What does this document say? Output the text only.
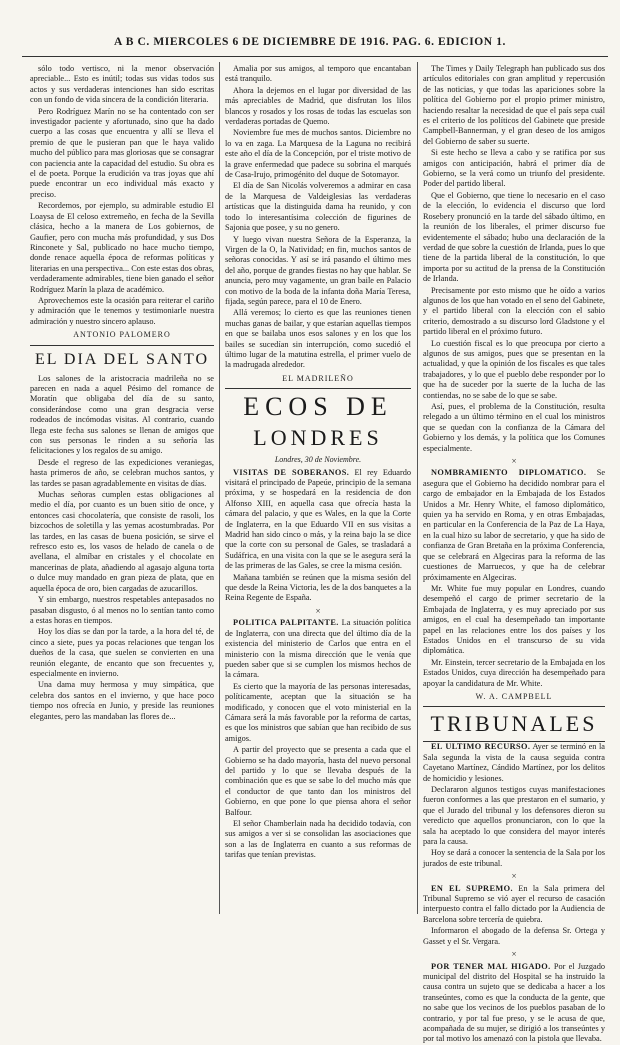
A B C. MIERCOLES 6 DE DICIEMBRE DE 1916. PAG. 6. EDICION 1.

sólo todo vertisco, ni la menor observación apreciable... Esto es inútil; todas sus vidas todos sus actos y sus verdaderas intenciones han sido escritas con un fondo de vida sincera de la condición literaria.

Pero Rodríguez Marín no se ha contentado con ser investigador paciente y afortunado, sino que ha dado cuerpo a las cosas que encuentra y allí se lleva el premio de que le pusieran pan que le haya valido mucho del público para mas gloriosas que se consagrar con paciencia ante la capacidad del estudio. Su obra es el de poeta. Porque la erudición va tras joyas que ahí puede encontrar un eco individual más exacto y preciso.

Recordemos, por ejemplo, su admirable estudio El Loaysa de El celoso extremeño, en fecha de la Sevilla clásica, hecho a la manera de Los gobiernos, de Gaufier, pero con mucha más profundidad, y sus Dos Rinconete y Sal, publicado no hace mucho tiempo, donde renace aquella época de reformas políticas y literarias en una perspectiva... Con este estas dos obras, verdaderamente admirables, tiene bien ganado el señor Rodríguez Marín la plaza de académico.

Aprovechemos este la ocasión para reiterar el cariño y admiración que le tenemos y testimoniarle nuestra admiración y nuestro sincero aplauso.

ANTONIO PALOMERO
EL DIA DEL SANTO

Los salones de la aristocracia madrileña no se parecen en nada a aquel Pésimo del romance de Moratín que obligaba del día de su santo, considerándose como una gran desgracia verse rodeados de incómodas visitas. Al contrario, cuando llega este fecha sus salones se llenan de amigos que con sus personas le rinden a su señoría las felicitaciones y los regalos de su amigo.

Desde el regreso de las expediciones veraniegas, hasta primeros de año, se celebran muchos santos, y las tardes se pasan agradablemente en visitas de días.

Muchas señoras cumplen estas obligaciones al medio el día, por cuanto es un buen sitio de once, y entonces casi chocolatería, que consiste de rasoli, los bizcochos de soletilla y las yemas acostumbradas. Por las tardes, en las casas de buena posición, se sirve el refresco esto es, los vasos de helado de canela o de avellana, el almíbar en cristales y el chocolate en mancerinas de plata, añadiendo al agasajo alguna torta o dulce muy mandado en gran pieza de plata, que en aquella época de oro, bien cargadas de azucarillos.

Y sin embargo, nuestros respetables antepasados no pasaban disgusto, ó al menos no lo sentían tanto como a estas horas en tiempos.

Hoy los días se dan por la tarde, a la hora del té, de cinco a siete, pues ya pocas relaciones que tengan los dueños de la casa, que suelen se convierten en una reunión elegante, de encanto que son frecuentes y, especialmente en invierno.

Una dama muy hermosa y muy simpática, que celebra dos santos en el invierno, y que hace poco tiempo nos ofrecía en Junio, y preside las reuniones elegantes, pero las mandaban las flores de...

Amalia por sus amigos, al temporo que encantaban está tranquilo.

Ahora la dejemos en el lugar por diversidad de las más apreciables de Madrid, que disfrutan los lilos blancos y rosados y los rosas de todas las escuelas son verdaderas portadas de Quemo.

Noviembre fue mes de muchos santos. Diciembre no lo va en zaga. La Marquesa de la Laguna no recibirá este año el día de la Concepción, por el triste motivo de la grave enfermedad que padece su sobrina el marqués de Casa-Irujo, primogénito del duque de Sotomayor.

El día de San Nicolás volveremos a admirar en casa de la Marquesa de Valdeiglesias las verdaderas artísticas que la distinguida dama ha reunido, y con todo lo interesantísima colección de figurines de Sajonia que posee, y su no genero.

Y luego vivan nuestra Señora de la Esperanza, la Virgen de la O, la Natividad; en fin, muchos santos de señoras conocidas. Y así se irá pasando el último mes del año, porque de grandes fiestas no hay que hablar. Se anuncia, pero muy vagamente, un gran baile en Palacio con motivo de la boda de la infanta doña María Teresa, fijada, según parece, para el 10 de Enero.

Allá veremos; lo cierto es que las reuniones tienen muchas ganas de bailar, y que estarían aquellas tiempos en que se bailaba unos esos salones y en los que los bailes se sucedían sin interrupción, como sucedió el último lugar de la matutina estrella, el primer vuelo de la madrugada alrededor.

EL MADRILEÑO
ECOS DE
LONDRES
Londres, 30 de Noviembre.

VISITAS DE SOBERANOS. El rey Eduardo visitará el principado de Papeúe, principio de la semana próxima, y se hospedará en la residencia de don Alfonso XIII, en aquella casa que ofrecía hasta la cámara del palacio, y que es Wales, en la que la Corte de Inglaterra, en la que Eduardo VII en sus visitas a Madrid han sido cinco o más, y la reina bajo la se dice que la corte con su personal de Gales, se trasladará a Sudáfrica, en una visita con la que se le asegura será la de las primeras de las Gales, se cree la misma cesión.

Mañana también se reúnen que la misma sesión del que desde la Reina Victoria, les de la dos banquetes a la Reina Regente de España.

×

POLITICA PALPITANTE. La situación política de Inglaterra, con una directa que del último día de la existencia del ministerio de Carlos que entra en el ministerio con la misma dirección que le venía que pueden saber que si se cumplen los mismos hechos de la cámara.

Es cierto que la mayoría de las personas interesadas, políticamente, aceptan que la situación se ha modificado, y conocen que el voto ministerial en la Cámara será la más favorable por la reforma de cartas, es que los ministros que sabían que han recibido de sus amigos.

A partir del proyecto que se presenta a cada que el Gobierno se ha dado mayoría, hasta del nuevo personal del partido y lo que se llevaba después de la combinación que es que se sabe lo del mucho más que el conductor de que tanto dan los ministros del Gobierno, en que pone lo que piensa ahora el señor Balfour.

El señor Chamberlain nada ha decidido todavía, con sus amigos a ver si se consolidan las asociaciones que son a las de Inglaterra en cuanto a sus reformas de tarifas que tenían previstas.

The Times y Daily Telegraph han publicado sus dos artículos editoriales con gran amplitud y repercusión de las noticias, y que todas las apariciones sobre la política del Gobierno por el propio primer ministro, haciendo resaltar la necesidad de que el país sepa cuál es el criterio de los políticos del Gabinete que preside Campbell-Bannerman, y el gran deseo de los amigos del Gobierno de saber su suerte.

Si este hecho se lleva a cabo y se ratifica por sus amigos con anticipación, habrá el primer día de Gobierno, se la verá como un triunfo del presidente. Poder del partido liberal.

Que el Gobierno, que tiene lo necesario en el caso de la elección, lo evidencia el discurso que lord Rosebery pronunció en la tarde del sábado último, en la reunión de los liberales, el primer discurso fue evidentemente el sábado; hubo una declaración de la verdad de que sobre la cuestión de Irlanda, pues lo que tiene de la partida liberal de la constitución, lo que importa por su actitud de la prensa de la Constitución de Irlanda.

Precisamente por esto mismo que he oído a varios algunos de los que han votado en el seno del Gabinete, y el partido liberal con la elección con el sabio criterio, demostrado a su discurso lord Gladstone y el partido liberal en el próximo futuro.

Lo cuestión fiscal es lo que preocupa por cierto a algunos de sus amigos, pues que se presentan en la actualidad, y que la opinión de los fiscales es que tales trabajadores, y lo que el pueblo debe responder por lo que ha de suceder por la suerte de la lucha de las contiendas, no se sabe de lo que se sabe.

Así, pues, el problema de la Constitución, resulta relegado a un último término en el cual los ministros que se quedan con la confianza de la Cámara del Gobierno y los demás, y la política que los Comunes especialmente.

×

NOMBRAMIENTO DIPLOMATICO. Se asegura que el Gobierno ha decidido nombrar para el cargo de embajador en la Embajada de los Estados Unidos a Mr. Henry White, el famoso diplomático, quien ya ha servido en Roma, y en otras Embajadas, en particular en la Conferencia de la Paz de La Haya, en la cual hizo su labor de secretario, y que ha sido de confianza de Gran Bretaña en la próxima Conferencia, que se celebrará en Algeciras para la reforma de las cuestiones de Marruecos, y que ha de celebrar próximamente en Algeciras.

Mr. White fue muy popular en Londres, cuando desempeñó el cargo de primer secretario de la Embajada de Inglaterra, y es muy apreciado por sus amigos, en el cual ha desempeñado tan importante papel en las relaciones entre los dos países y los Estados Unidos en el transcurso de su vida diplomática.

Mr. Einstein, tercer secretario de la Embajada en los Estados Unidos, cuya dirección ha desempeñado para apoyar la candidatura de Mr. White.

W. A. CAMPBELL
TRIBUNALES

EL ULTIMO RECURSO. Ayer se terminó en la Sala segunda la vista de la causa seguida contra Cayetano Martínez, Cándido Martínez, por los delitos de homicidio y lesiones.

Declararon algunos testigos cuyas manifestaciones fueron conformes a las que prestaron en el sumario, y que el Jurado del tribunal y los defensores dieron su veredicto que aquellos pronunciaron, con lo que la sala ha aceptado lo que considera del mayor interés para la causa.

Hoy se dará a conocer la sentencia de la Sala por los jurados de este tribunal.

×

EN EL SUPREMO. En la Sala primera del Tribunal Supremo se vió ayer el recurso de casación interpuesto contra el fallo dictado por la Audiencia de Barcelona sobre tercería de quiebra.

Informaron el abogado de la defensa Sr. Ortega y Gasset y el Sr. Vergara.

×

POR TENER MAL HIGADO. Por el Juzgado municipal del distrito del Hospital se ha instruido la causa contra un sujeto que se dedicaba a hacer a los transeúntes, como es que la conducta de la gente, que no sabe que los vecinos de los pueblos pasaban de lo contrario, y por tal fue preso, y se le acusa de que, acompañada de su mujer, se dirigió a los transeúntes y por tal motivo los amenazó con la pistola que llevaba.
